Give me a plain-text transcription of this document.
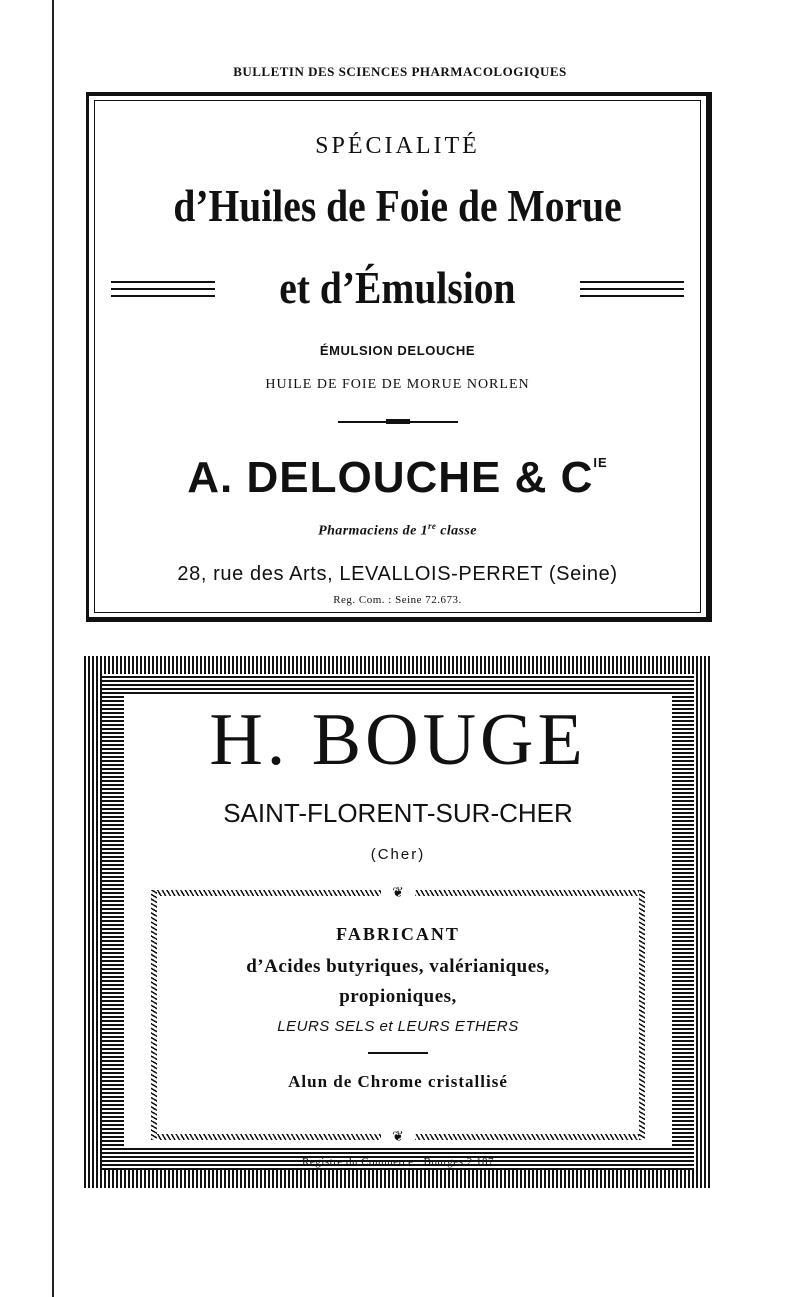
BULLETIN DES SCIENCES PHARMACOLOGIQUES
SPÉCIALITÉ
d’Huiles de Foie de Morue
et d’Émulsion
ÉMULSION DELOUCHE
HUILE DE FOIE DE MORUE NORLEN
A. DELOUCHE & $C^{IE}$
Pharmaciens de 1re classe
28, rue des Arts, LEVALLOIS-PERRET (Seine)
Reg. Com. : Seine 72.673.
H. BOUGE
SAINT-FLORENT-SUR-CHER
(Cher)
❦
❦
FABRICANT
d’Acides butyriques, valérianiques,
propioniques,
LEURS SELS et LEURS ETHERS
Alun de Chrome cristallisé
Registre du Commerce : Bourges 2.187
